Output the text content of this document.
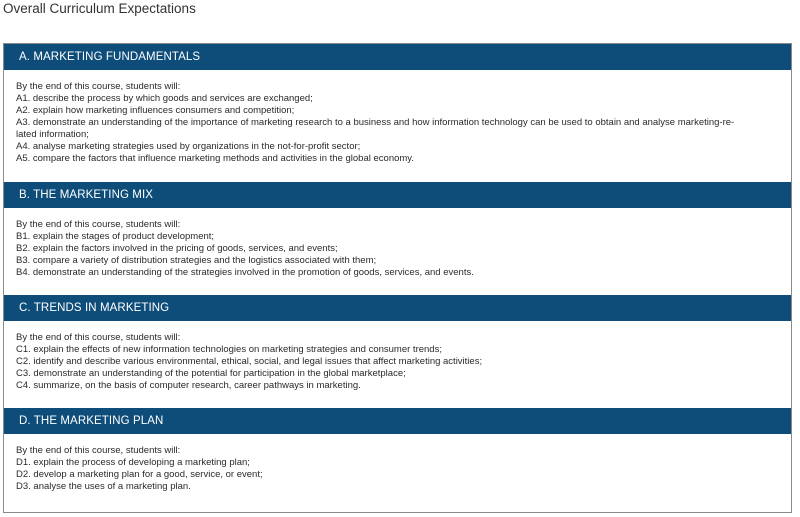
Overall Curriculum Expectations
A. MARKETING FUNDAMENTALS
By the end of this course, students will:
A1. describe the process by which goods and services are exchanged;
A2. explain how marketing influences consumers and competition;
A3. demonstrate an understanding of the importance of marketing research to a business and how information technology can be used to obtain and analyse marketing-re-
lated information;
A4. analyse marketing strategies used by organizations in the not-for-profit sector;
A5. compare the factors that influence marketing methods and activities in the global economy.
B. THE MARKETING MIX
By the end of this course, students will:
B1. explain the stages of product development;
B2. explain the factors involved in the pricing of goods, services, and events;
B3. compare a variety of distribution strategies and the logistics associated with them;
B4. demonstrate an understanding of the strategies involved in the promotion of goods, services, and events.
C. TRENDS IN MARKETING
By the end of this course, students will:
C1. explain the effects of new information technologies on marketing strategies and consumer trends;
C2. identify and describe various environmental, ethical, social, and legal issues that affect marketing activities;
C3. demonstrate an understanding of the potential for participation in the global marketplace;
C4. summarize, on the basis of computer research, career pathways in marketing.
D. THE MARKETING PLAN
By the end of this course, students will:
D1. explain the process of developing a marketing plan;
D2. develop a marketing plan for a good, service, or event;
D3. analyse the uses of a marketing plan.
